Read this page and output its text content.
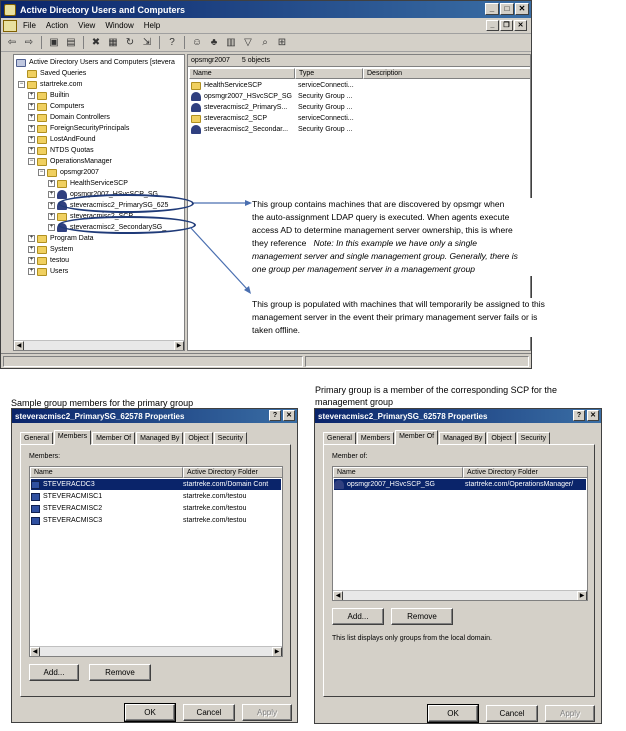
Active Directory Users and Computers	_	□	✕
File Action View Window Help	_	❐	✕
⇦ ⇨ ▣ ▤ ✖ ▦ ↻ ⇲	?	☺ ♣ ▥ ▽	⌕	⊞
Active Directory Users and Computers [stevera
Saved Queries
− startreke.com
+ Builtin
+ Computers
+ Domain Controllers
+ ForeignSecurityPrincipals
+ LostAndFound
+ NTDS Quotas
− OperationsManager
− opsmgr2007
+ HealthServiceSCP
+ opsmgr2007_HSvcSCP_SG
+ steveracmisc2_PrimarySG_625
+ steveracmisc2_SCP
+ steveracmisc2_SecondarySG_
+ Program Data
+ System
+ testou
+ Users
◀	▶
opsmgr2007 5 objects
Name	Type	Description
HealthServiceSCP	serviceConnecti...
opsmgr2007_HSvcSCP_SG Security Group ...
steveracmisc2_PrimaryS... Security Group ...
steveracmisc2_SCP	serviceConnecti...
steveracmisc2_Secondar... Security Group ...
This group contains machines that are discovered by opsmgr when
the auto-assignment LDAP query is executed. When agents execute
access AD to determine management server ownership, this is where
they reference Note: In this example we have only a single
management server and single management group. Generally, there is
one group per management server in a management group
This group is populated with machines that will temporarily be assigned to this
management server in the event their primary management server fails or is
taken offline.
Sample group members for the primary group
Primary group is a member of the corresponding SCP for the
management group
steveracmisc2_PrimarySG_62578 Properties	?	✕
General	Members	Member Of	Managed By	Object	Security
Members:
Name	Active Directory Folder
STEVERACDC3	startreke.com/Domain Cont
STEVERACMISC1	startreke.com/testou
STEVERACMISC2	startreke.com/testou
STEVERACMISC3	startreke.com/testou
◀	▶
Add...	Remove
OK	Cancel	Apply
steveracmisc2_PrimarySG_62578 Properties	?	✕
General	Members	Member Of	Managed By	Object	Security
Member of:
Name	Active Directory Folder
opsmgr2007_HSvcSCP_SG	startreke.com/OperationsManager/
◀	▶
Add...	Remove
This list displays only groups from the local domain.
OK	Cancel	Apply
